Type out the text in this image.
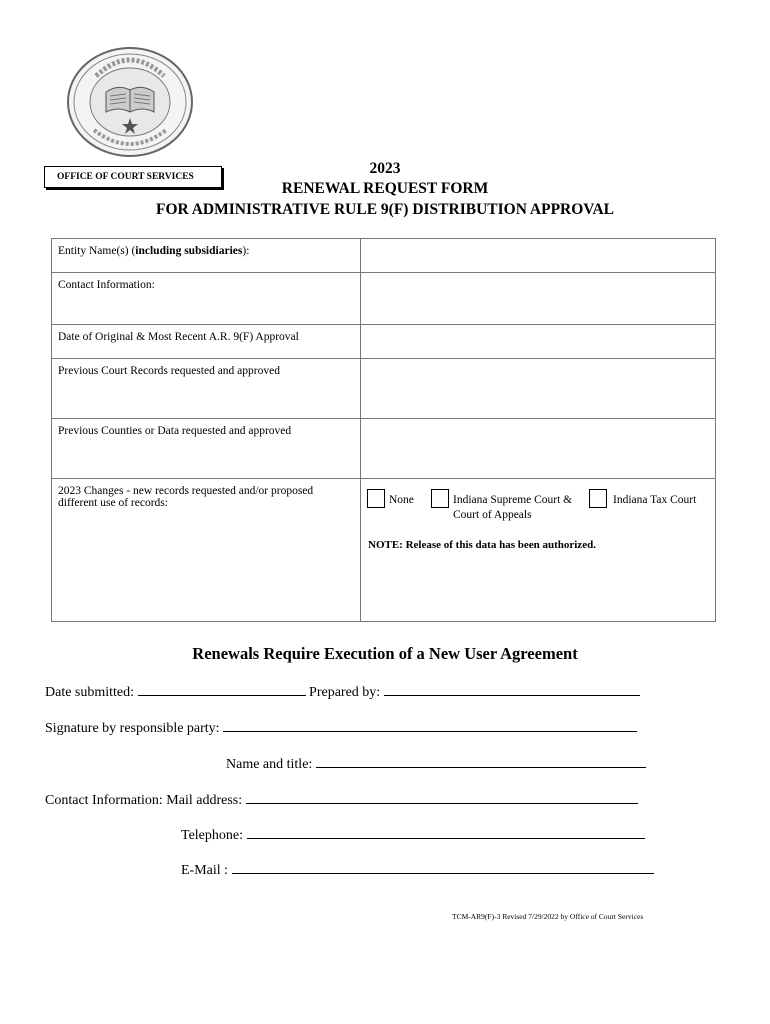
OFFICE OF COURT SERVICES	2023
RENEWAL REQUEST FORM
FOR ADMINISTRATIVE RULE 9(F) DISTRIBUTION APPROVAL
Entity Name(s) (including subsidiaries):	
Contact Information:	
Date of Original & Most Recent A.R. 9(F) Approval	
Previous Court Records requested and approved	
Previous Counties or Data requested and approved	
2023 Changes - new records requested and/or proposed different use of records:	None Indiana Supreme Court & Court of Appeals
Indiana Tax Court
NOTE: Release of this data has been authorized.
Renewals Require Execution of a New User Agreement
Date submitted:	Prepared by:
Signature by responsible party:
Name and title:
Contact Information: Mail address:
Telephone:
E-Mail :
TCM-AR9(F)-3 Revised 7/29/2022 by Office of Court Services
